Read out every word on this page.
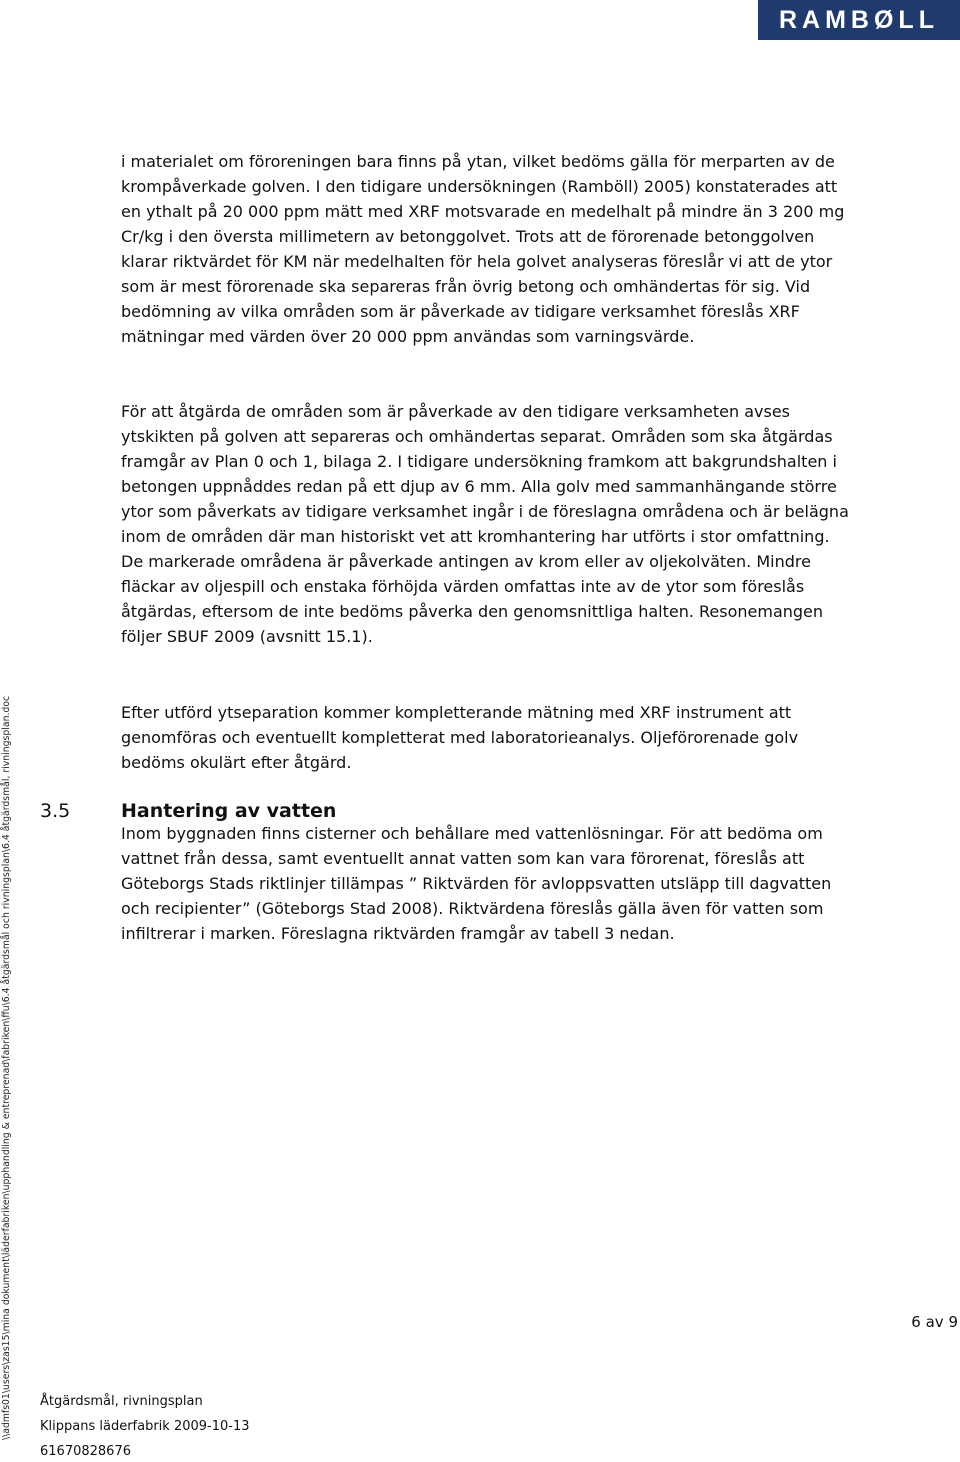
RAMBØLL
i materialet om föroreningen bara finns på ytan, vilket bedöms gälla för merparten av de krompåverkade golven. I den tidigare undersökningen (Ramböll) 2005) konstaterades att en ythalt på 20 000 ppm mätt med XRF motsvarade en medelhalt på mindre än 3 200 mg Cr/kg i den översta millimetern av betonggolvet. Trots att de förorenade betonggolven klarar riktvärdet för KM när medelhalten för hela golvet analyseras föreslår vi att de ytor som är mest förorenade ska separeras från övrig betong och omhändertas för sig. Vid bedömning av vilka områden som är påverkade av tidigare verksamhet föreslås XRF mätningar med värden över 20 000 ppm användas som varningsvärde.
För att åtgärda de områden som är påverkade av den tidigare verksamheten avses ytskikten på golven att separeras och omhändertas separat. Områden som ska åtgärdas framgår av Plan 0 och 1, bilaga 2. I tidigare undersökning framkom att bakgrundshalten i betongen uppnåddes redan på ett djup av 6 mm. Alla golv med sammanhängande större ytor som påverkats av tidigare verksamhet ingår i de föreslagna områdena och är belägna inom de områden där man historiskt vet att kromhantering har utförts i stor omfattning. De markerade områdena är påverkade antingen av krom eller av oljekolväten. Mindre fläckar av oljespill och enstaka förhöjda värden omfattas inte av de ytor som föreslås åtgärdas, eftersom de inte bedöms påverka den genomsnittliga halten. Resonemangen följer SBUF 2009 (avsnitt 15.1).
Efter utförd ytseparation kommer kompletterande mätning med XRF instrument att genomföras och eventuellt kompletterat med laboratorieanalys. Oljeförorenade golv bedöms okulärt efter åtgärd.
3.5	Hantering av vatten
Inom byggnaden finns cisterner och behållare med vattenlösningar. För att bedöma om vattnet från dessa, samt eventuellt annat vatten som kan vara förorenat, föreslås att Göteborgs Stads riktlinjer tillämpas ” Riktvärden för avloppsvatten utsläpp till dagvatten och recipienter” (Göteborgs Stad 2008). Riktvärdena föreslås gälla även för vatten som infiltrerar i marken. Föreslagna riktvärden framgår av tabell 3 nedan.
\\admfs01\users\zas15\mina dokument\läderfabriken\upphandling & entreprenad\fabriken\ffu\6.4 åtgärdsmål och rivningsplan\6.4 åtgärdsmål, rivningsplan.doc	6 av 9
Åtgärdsmål, rivningsplan
Klippans läderfabrik 2009-10-13
61670828676
